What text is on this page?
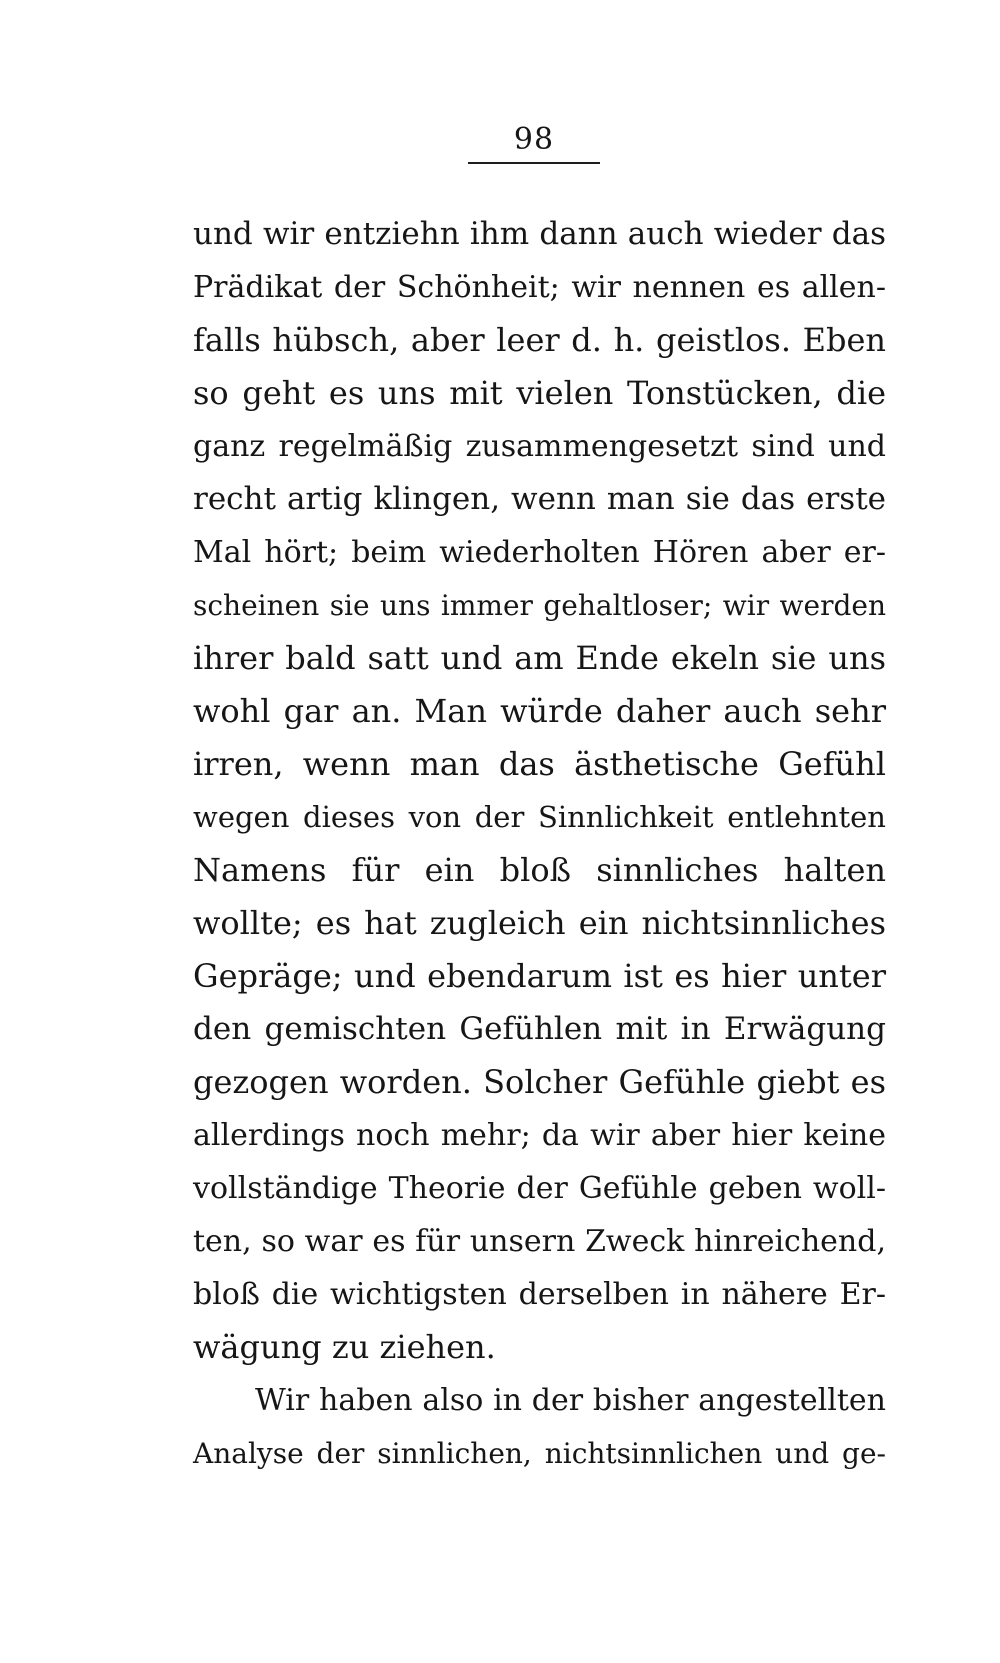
98
und wir entziehn ihm dann auch wieder das
Prädikat der Schönheit; wir nennen es allen-
falls hübsch, aber leer d. h. geistlos. Eben
so geht es uns mit vielen Tonstücken, die
ganz regelmäßig zusammengesetzt sind und
recht artig klingen, wenn man sie das erste
Mal hört; beim wiederholten Hören aber er-
scheinen sie uns immer gehaltloser; wir werden
ihrer bald satt und am Ende ekeln sie uns
wohl gar an. Man würde daher auch sehr
irren, wenn man das ästhetische Gefühl
wegen dieses von der Sinnlichkeit entlehnten
Namens für ein bloß sinnliches halten
wollte; es hat zugleich ein nichtsinnliches
Gepräge; und ebendarum ist es hier unter
den gemischten Gefühlen mit in Erwägung
gezogen worden. Solcher Gefühle giebt es
allerdings noch mehr; da wir aber hier keine
vollständige Theorie der Gefühle geben woll-
ten, so war es für unsern Zweck hinreichend,
bloß die wichtigsten derselben in nähere Er-
wägung zu ziehen.
Wir haben also in der bisher angestellten
Analyse der sinnlichen, nichtsinnlichen und ge-
